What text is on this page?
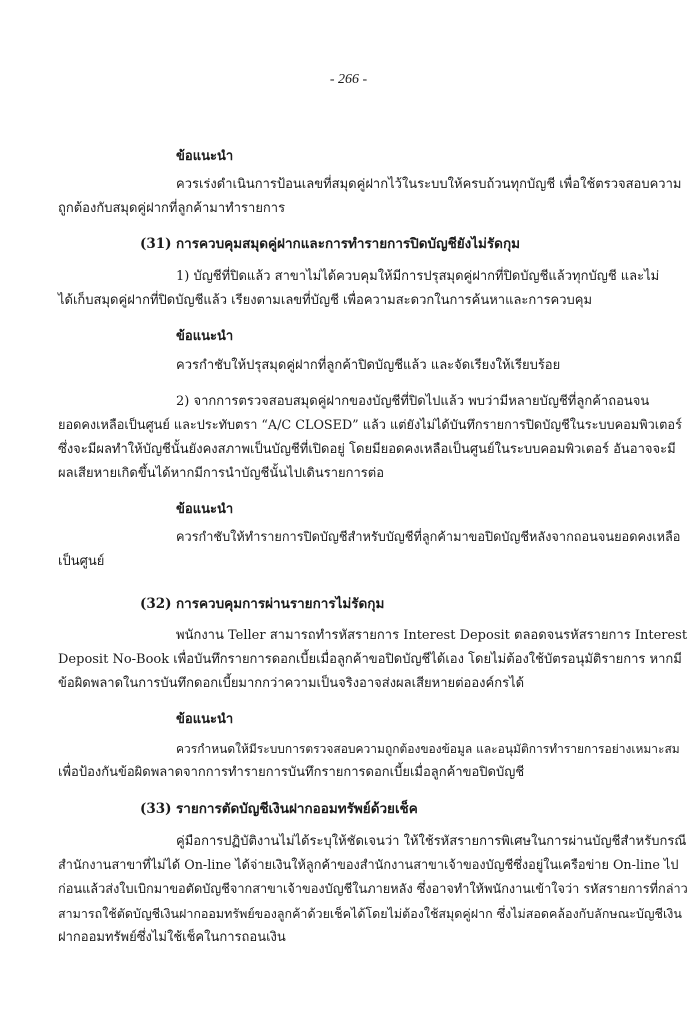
- 266 -
ข้อแนะนำ
ควรเร่งดำเนินการป้อนเลขที่สมุดคู่ฝากไว้ในระบบให้ครบถ้วนทุกบัญชี เพื่อใช้ตรวจสอบความ
ถูกต้องกับสมุดคู่ฝากที่ลูกค้ามาทำรายการ
(31) การควบคุมสมุดคู่ฝากและการทำรายการปิดบัญชียังไม่รัดกุม
1) บัญชีที่ปิดแล้ว สาขาไม่ได้ควบคุมให้มีการปรุสมุดคู่ฝากที่ปิดบัญชีแล้วทุกบัญชี และไม่
ได้เก็บสมุดคู่ฝากที่ปิดบัญชีแล้ว เรียงตามเลขที่บัญชี เพื่อความสะดวกในการค้นหาและการควบคุม
ข้อแนะนำ
ควรกำชับให้ปรุสมุดคู่ฝากที่ลูกค้าปิดบัญชีแล้ว และจัดเรียงให้เรียบร้อย
2) จากการตรวจสอบสมุดคู่ฝากของบัญชีที่ปิดไปแล้ว พบว่ามีหลายบัญชีที่ลูกค้าถอนจน
ยอดคงเหลือเป็นศูนย์ และประทับตรา “A/C CLOSED” แล้ว แต่ยังไม่ได้บันทึกรายการปิดบัญชีในระบบคอมพิวเตอร์
ซึ่งจะมีผลทำให้บัญชีนั้นยังคงสภาพเป็นบัญชีที่เปิดอยู่ โดยมียอดคงเหลือเป็นศูนย์ในระบบคอมพิวเตอร์ อันอาจจะมี
ผลเสียหายเกิดขึ้นได้หากมีการนำบัญชีนั้นไปเดินรายการต่อ
ข้อแนะนำ
ควรกำชับให้ทำรายการปิดบัญชีสำหรับบัญชีที่ลูกค้ามาขอปิดบัญชีหลังจากถอนจนยอดคงเหลือ
เป็นศูนย์
(32) การควบคุมการผ่านรายการไม่รัดกุม
พนักงาน Teller สามารถทำรหัสรายการ Interest Deposit ตลอดจนรหัสรายการ Interest
Deposit No-Book เพื่อบันทึกรายการดอกเบี้ยเมื่อลูกค้าขอปิดบัญชีได้เอง โดยไม่ต้องใช้บัตรอนุมัติรายการ หากมี
ข้อผิดพลาดในการบันทึกดอกเบี้ยมากกว่าความเป็นจริงอาจส่งผลเสียหายต่อองค์กรได้
ข้อแนะนำ
ควรกำหนดให้มีระบบการตรวจสอบความถูกต้องของข้อมูล และอนุมัติการทำรายการอย่างเหมาะสม
เพื่อป้องกันข้อผิดพลาดจากการทำรายการบันทึกรายการดอกเบี้ยเมื่อลูกค้าขอปิดบัญชี
(33) รายการตัดบัญชีเงินฝากออมทรัพย์ด้วยเช็ค
คู่มือการปฏิบัติงานไม่ได้ระบุให้ชัดเจนว่า ให้ใช้รหัสรายการพิเศษในการผ่านบัญชีสำหรับกรณี
สำนักงานสาขาที่ไม่ได้ On-line ได้จ่ายเงินให้ลูกค้าของสำนักงานสาขาเจ้าของบัญชีซึ่งอยู่ในเครือข่าย On-line ไป
ก่อนแล้วส่งใบเบิกมาขอตัดบัญชีจากสาขาเจ้าของบัญชีในภายหลัง ซึ่งอาจทำให้พนักงานเข้าใจว่า รหัสรายการที่กล่าว
สามารถใช้ตัดบัญชีเงินฝากออมทรัพย์ของลูกค้าด้วยเช็คได้โดยไม่ต้องใช้สมุดคู่ฝาก ซึ่งไม่สอดคล้องกับลักษณะบัญชีเงิน
ฝากออมทรัพย์ซึ่งไม่ใช้เช็คในการถอนเงิน
